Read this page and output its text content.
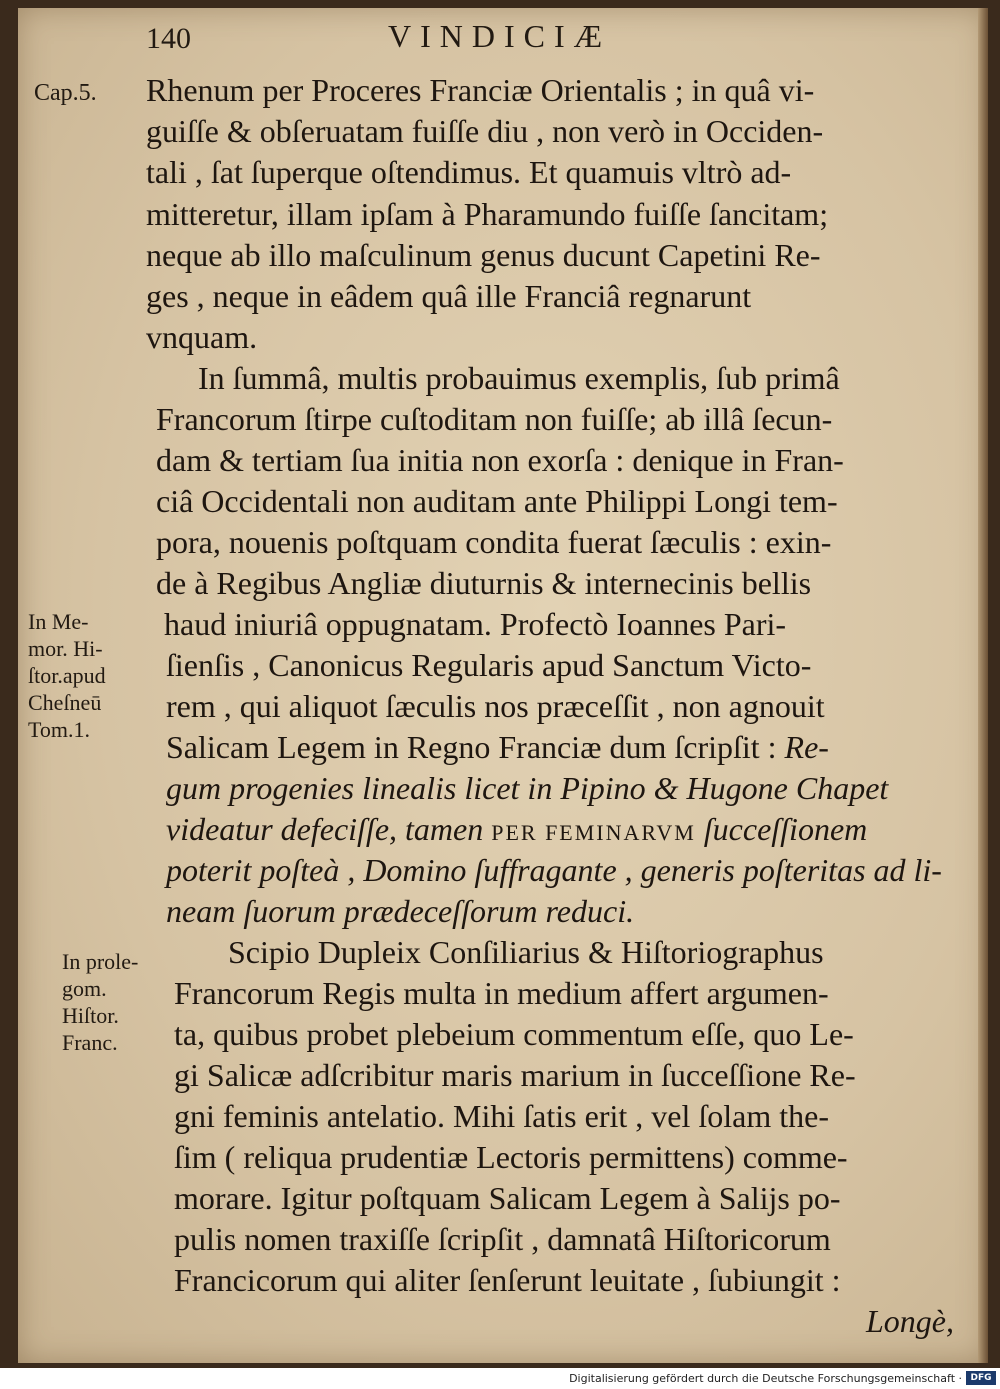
140	VINDICIÆ
Cap.5.
In Me-
mor. Hi-
ſtor.apud
Cheſneū
Tom.1.
In prole-
gom.
Hiſtor.
Franc.
Rhenum per Proceres Franciæ Orientalis ; in quâ vi-
guiſſe & obſeruatam fuiſſe diu , non verò in Occiden-
tali , ſat ſuperque oſtendimus. Et quamuis vltrò ad-
mitteretur, illam ipſam à Pharamundo fuiſſe ſancitam;
neque ab illo maſculinum genus ducunt Capetini Re-
ges , neque in eâdem quâ ille Franciâ regnarunt
vnquam.
In ſummâ, multis probauimus exemplis, ſub primâ
Francorum ſtirpe cuſtoditam non fuiſſe; ab illâ ſecun-
dam & tertiam ſua initia non exorſa : denique in Fran-
ciâ Occidentali non auditam ante Philippi Longi tem-
pora, nouenis poſtquam condita fuerat ſæculis : exin-
de à Regibus Angliæ diuturnis & internecinis bellis
haud iniuriâ oppugnatam. Profectò Ioannes Pari-
ſienſis , Canonicus Regularis apud Sanctum Victo-
rem , qui aliquot ſæculis nos præceſſit , non agnouit
Salicam Legem in Regno Franciæ dum ſcripſit : Re-
gum progenies linealis licet in Pipino & Hugone Chapet
videatur defeciſſe, tamen PER FEMINARVM ſucceſſionem
poterit poſteà , Domino ſuffragante , generis poſteritas ad li-
neam ſuorum prædeceſſorum reduci.
Scipio Dupleix Conſiliarius & Hiſtoriographus
Francorum Regis multa in medium affert argumen-
ta, quibus probet plebeium commentum eſſe, quo Le-
gi Salicæ adſcribitur maris marium in ſucceſſione Re-
gni feminis antelatio. Mihi ſatis erit , vel ſolam the-
ſim ( reliqua prudentiæ Lectoris permittens) comme-
morare. Igitur poſtquam Salicam Legem à Salijs po-
pulis nomen traxiſſe ſcripſit , damnatâ Hiſtoricorum
Francicorum qui aliter ſenſerunt leuitate , ſubiungit :
Longè,
Digitalisierung gefördert durch die Deutsche Forschungsgemeinschaft · DFG
